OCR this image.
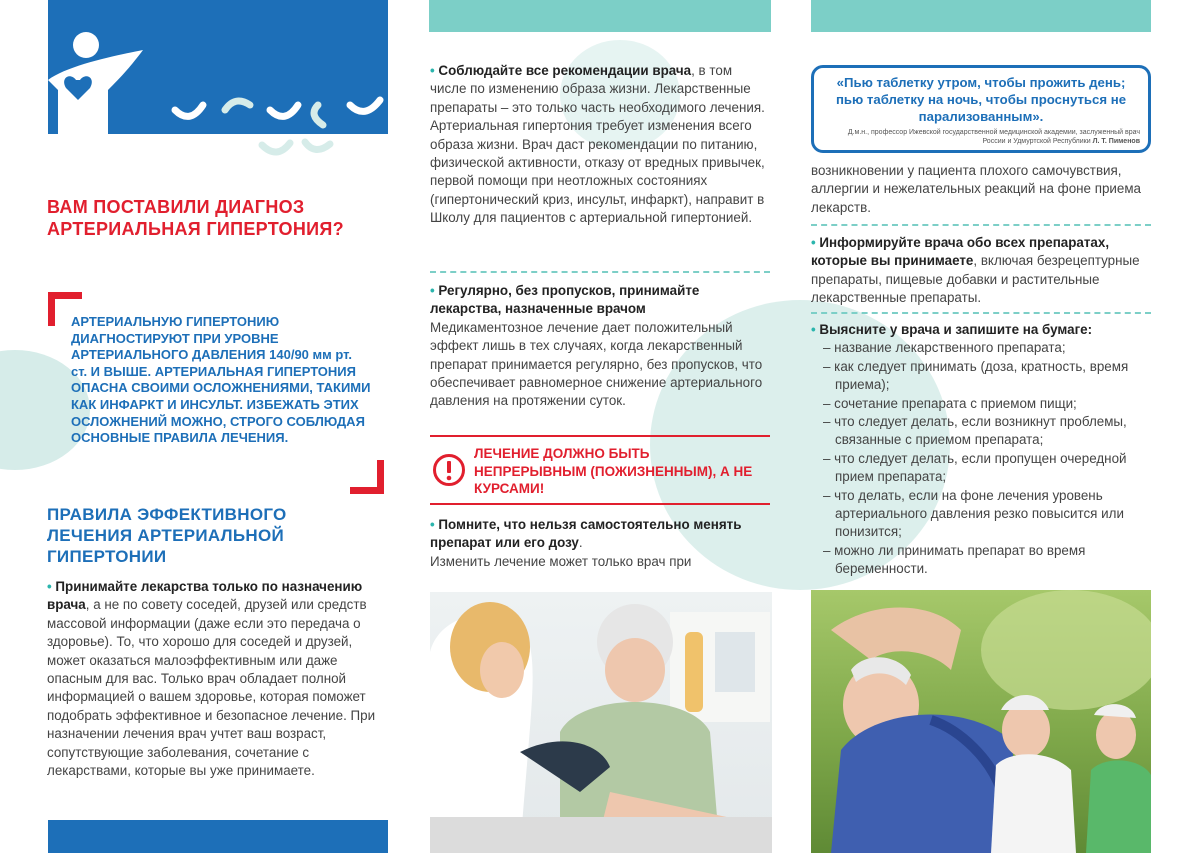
ВАМ ПОСТАВИЛИ ДИАГНОЗ АРТЕРИАЛЬНАЯ ГИПЕРТОНИЯ?
АРТЕРИАЛЬНУЮ ГИПЕРТОНИЮ ДИАГНОСТИРУЮТ ПРИ УРОВНЕ АРТЕРИАЛЬНОГО ДАВЛЕНИЯ 140/90 мм рт. ст. И ВЫШЕ. АРТЕРИАЛЬНАЯ ГИПЕРТОНИЯ ОПАСНА СВОИМИ ОСЛОЖНЕНИЯМИ, ТАКИМИ КАК ИНФАРКТ И ИНСУЛЬТ. ИЗБЕЖАТЬ ЭТИХ ОСЛОЖНЕНИЙ МОЖНО, СТРОГО СОБЛЮДАЯ ОСНОВНЫЕ ПРАВИЛА ЛЕЧЕНИЯ.
ПРАВИЛА ЭФФЕКТИВНОГО ЛЕЧЕНИЯ АРТЕРИАЛЬНОЙ ГИПЕРТОНИИ

• Принимайте лекарства только по назначению врача, а не по совету соседей, друзей или средств массовой информации (даже если это передача о здоровье). То, что хорошо для соседей и друзей, может оказаться малоэффективным или даже опасным для вас. Только врач обладает полной информацией о вашем здоровье, которая поможет подобрать эффективное и безопасное лечение. При назначении лечения врач учтет ваш возраст, сопутствующие заболевания, сочетание с лекарствами, которые вы уже принимаете.

• Соблюдайте все рекомендации врача, в том числе по изменению образа жизни. Лекарственные препараты – это только часть необходимого лечения. Артериальная гипертония требует изменения всего образа жизни. Врач даст рекомендации по питанию, физической активности, отказу от вредных привычек, первой помощи при неотложных состояниях (гипертонический криз, инсульт, инфаркт), направит в Школу для пациентов с артериальной гипертонией.

• Регулярно, без пропусков, принимайте лекарства, назначенные врачом

Медикаментозное лечение дает положительный эффект лишь в тех случаях, когда лекарственный препарат принимается регулярно, без пропусков, что обеспечивает равномерное снижение артериального давления на протяжении суток.

ЛЕЧЕНИЕ ДОЛЖНО БЫТЬ НЕПРЕРЫВНЫМ (ПОЖИЗНЕННЫМ), А НЕ КУРСАМИ!

• Помните, что нельзя самостоятельно менять препарат или его дозу.

Изменить лечение может только врач при

«Пью таблетку утром, чтобы прожить день; пью таблетку на ночь, чтобы проснуться не парализованным».
Д.м.н., профессор Ижевской государственной медицинской академии, заслуженный врач России и Удмуртской Республики Л. Т. Пименов
возникновении у пациента плохого самочувствия, аллергии и нежелательных реакций на фоне приема лекарств.

• Информируйте врача обо всех препаратах, которые вы принимаете, включая безрецептурные препараты, пищевые добавки и растительные лекарственные препараты.

• Выясните у врача и запишите на бумаге:

– название лекарственного препарата;
– как следует принимать (доза, кратность, время приема);
– сочетание препарата с приемом пищи;
– что следует делать, если возникнут проблемы, связанные с приемом препарата;
– что следует делать, если пропущен очередной прием препарата;
– что делать, если на фоне лечения уровень артериального давления резко повысится или понизится;
– можно ли принимать препарат во время беременности.
